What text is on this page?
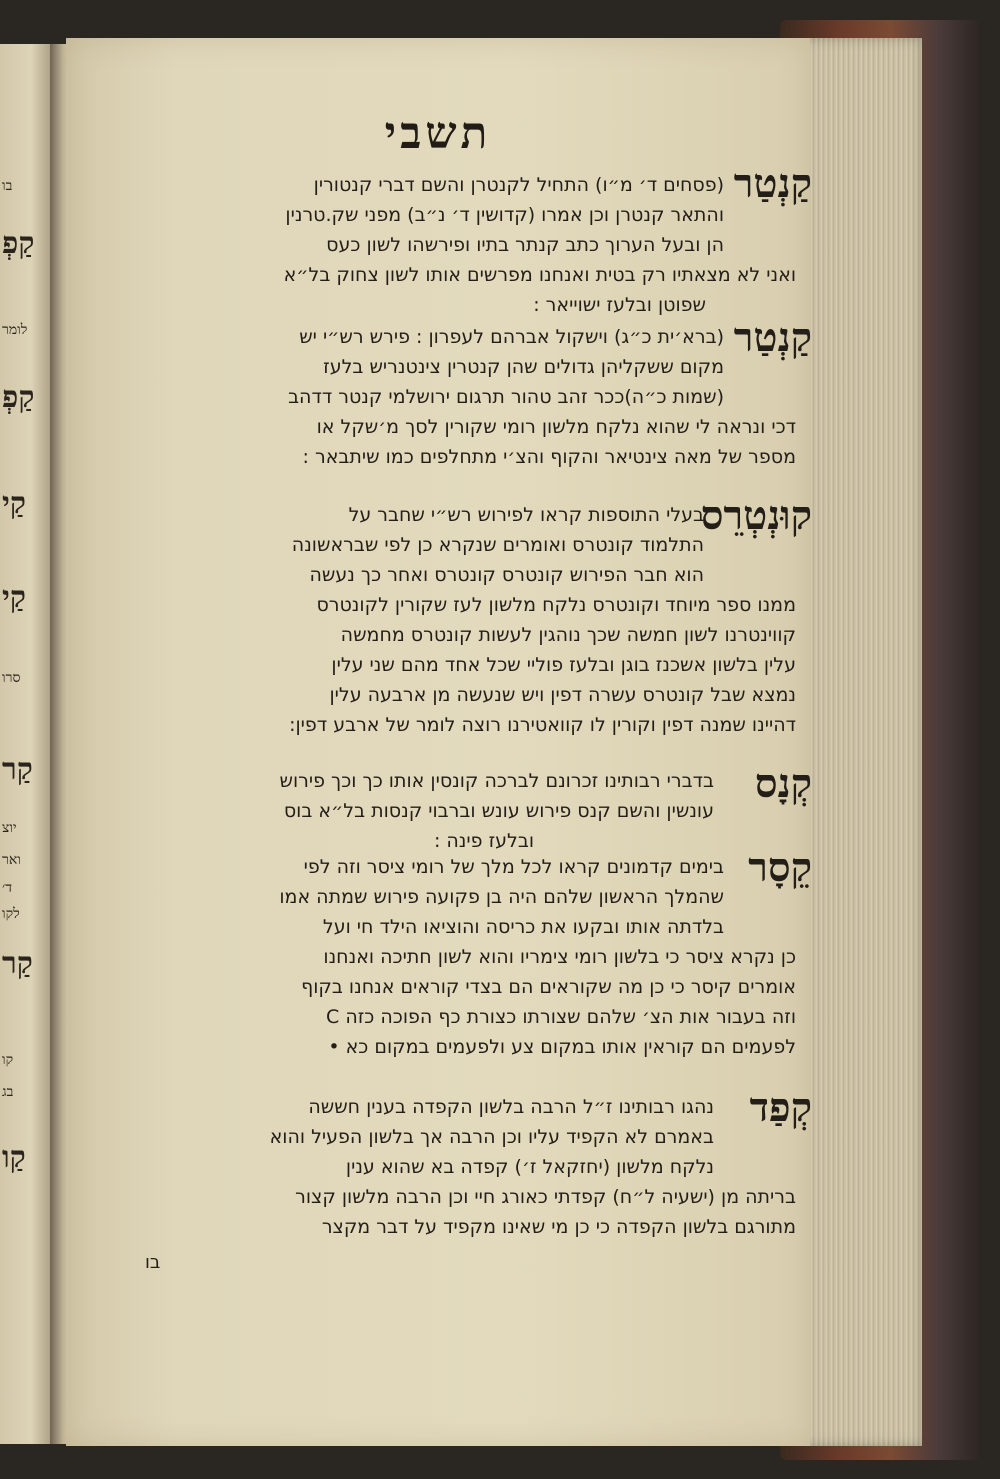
בו
קַפְ
לומר
קַפְ
קַי
קַי
סרו
קַר
יוצ
ואר
ד׳
לקו
קַר
קו
בג
קַו
תשבי
(פסחים ד׳ מ״ו) התחיל לקנטרן והשם דברי קנטורין
והתאר קנטרן וכן אמרו (קדושין ד׳ נ״ב) מפני שק.טרנין
הן ובעל הערוך כתב קנתר בתיו ופירשהו לשון כעס
ואני לא מצאתיו רק בטית ואנחנו מפרשים אותו לשון צחוק בל״א
שפוטן ובלעז ישוייאר :
קַנְטַר
(ברא׳ית כ״ג) וישקול אברהם לעפרון : פירש רש״י יש
מקום ששקליהן גדולים שהן קנטרין צינטנריש בלעז
(שמות כ״ה)ככר זהב טהור תרגום ירושלמי קנטר דדהב
דכי ונראה לי שהוא נלקח מלשון רומי שקורין לסך מ׳שקל או
מספר של מאה צינטיאר והקוף והצ׳י מתחלפים כמו שיתבאר :
קַנְטַר
בעלי התוספות קראו לפירוש רש״י שחבר על
התלמוד קונטרס ואומרים שנקרא כן לפי שבראשונה
הוא חבר הפירוש קונטרס קונטרס ואחר כך נעשה
ממנו ספר מיוחד וקונטרס נלקח מלשון לעז שקורין לקונטרס
קווינטרנו לשון חמשה שכך נוהגין לעשות קונטרס מחמשה
עלין בלשון אשכנז בוגן ובלעז פוליי שכל אחד מהם שני עלין
נמצא שבל קונטרס עשרה דפין ויש שנעשה מן ארבעה עלין
דהיינו שמנה דפין וקורין לו קוואטירנו רוצה לומר של ארבע דפין:
קוּנְטְרֵס
בדברי רבותינו זכרונם לברכה קונסין אותו כך וכך פירוש
עונשין והשם קנס פירוש עונש וברבוי קנסות בל״א בוס
ובלעז פינה :
קְנָס
בימים קדמונים קראו לכל מלך של רומי ציסר וזה לפי
שהמלך הראשון שלהם היה בן פקועה פירוש שמתה אמו
בלדתה אותו ובקעו את כריסה והוציאו הילד חי ועל
כן נקרא ציסר כי בלשון רומי צימריו והוא לשון חתיכה ואנחנו
אומרים קיסר כי כן מה שקוראים הם בצדי קוראים אנחנו בקוף
וזה בעבור אות הצ׳ שלהם שצורתו כצורת כף הפוכה כזה C
לפעמים הם קוראין אותו במקום צע ולפעמים במקום כא •
קֵסָר
נהגו רבותינו ז״ל הרבה בלשון הקפדה בענין חששה
באמרם לא הקפיד עליו וכן הרבה אך בלשון הפעיל והוא
נלקח מלשון (יחזקאל ז׳) קפדה בא שהוא ענין
בריתה מן (ישעיה ל״ח) קפדתי כאורג חיי וכן הרבה מלשון קצור
מתורגם בלשון הקפדה כי כן מי שאינו מקפיד על דבר מקצר
קְפַד
בו
